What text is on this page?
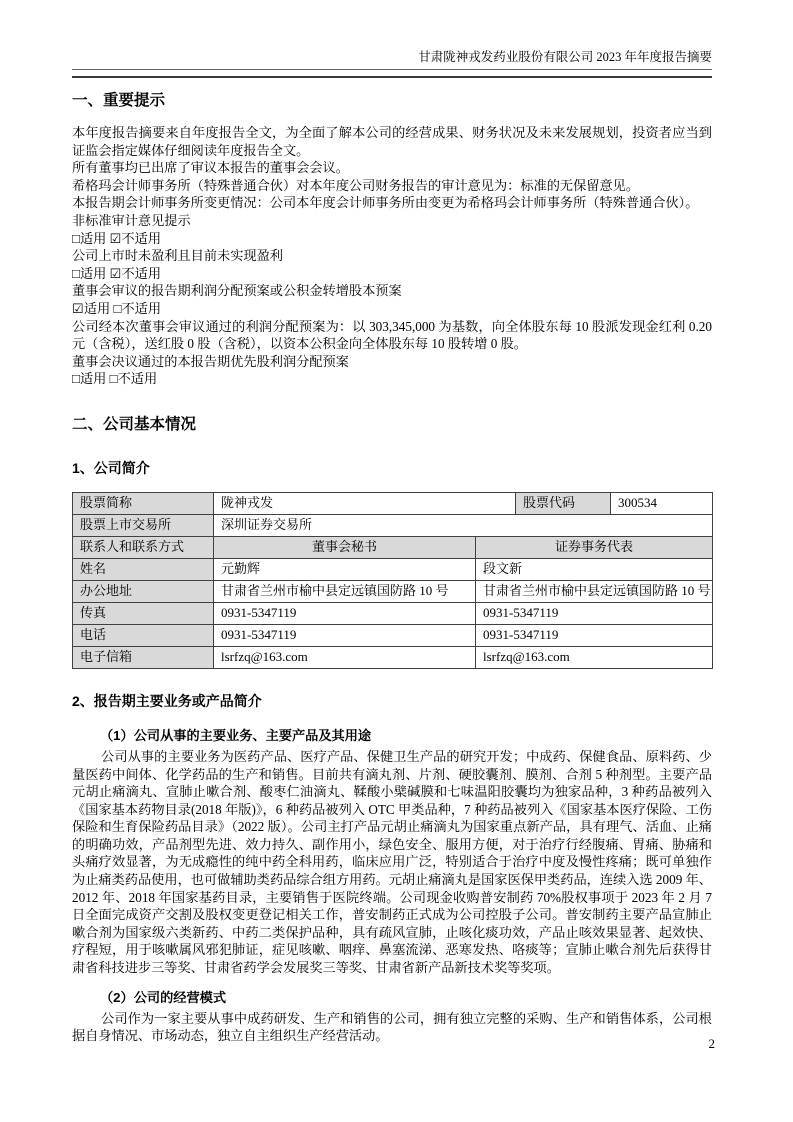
甘肃陇神戎发药业股份有限公司 2023 年年度报告摘要
一、重要提示

本年度报告摘要来自年度报告全文，为全面了解本公司的经营成果、财务状况及未来发展规划，投资者应当到证监会指定媒体仔细阅读年度报告全文。

所有董事均已出席了审议本报告的董事会会议。

希格玛会计师事务所（特殊普通合伙）对本年度公司财务报告的审计意见为：标准的无保留意见。

本报告期会计师事务所变更情况：公司本年度会计师事务所由变更为希格玛会计师事务所（特殊普通合伙）。

非标准审计意见提示

□适用 ☑不适用

公司上市时未盈利且目前未实现盈利

□适用 ☑不适用

董事会审议的报告期利润分配预案或公积金转增股本预案

☑适用 □不适用

公司经本次董事会审议通过的利润分配预案为：以 303,345,000 为基数，向全体股东每 10 股派发现金红利 0.20 元（含税），送红股 0 股（含税），以资本公积金向全体股东每 10 股转增 0 股。

董事会决议通过的本报告期优先股利润分配预案

□适用 □不适用

二、公司基本情况
1、公司简介
股票简称	陇神戎发		股票代码	300534
股票上市交易所	深圳证券交易所			
联系人和联系方式	董事会秘书	证券事务代表		
姓名	元勤辉	段文新		
办公地址	甘肃省兰州市榆中县定远镇国防路 10 号	甘肃省兰州市榆中县定远镇国防路 10 号		
传真	0931-5347119	0931-5347119		
电话	0931-5347119	0931-5347119		
电子信箱	lsrfzq@163.com	lsrfzq@163.com		
2、报告期主要业务或产品简介
（1）公司从事的主要业务、主要产品及其用途

公司从事的主要业务为医药产品、医疗产品、保健卫生产品的研究开发；中成药、保健食品、原料药、少量医药中间体、化学药品的生产和销售。目前共有滴丸剂、片剂、硬胶囊剂、膜剂、合剂 5 种剂型。主要产品元胡止痛滴丸、宣肺止嗽合剂、酸枣仁油滴丸、鞣酸小檗碱膜和七味温阳胶囊均为独家品种，3 种药品被列入《国家基本药物目录(2018 年版)》，6 种药品被列入 OTC 甲类品种，7 种药品被列入《国家基本医疗保险、工伤保险和生育保险药品目录》（2022 版）。公司主打产品元胡止痛滴丸为国家重点新产品，具有理气、活血、止痛的明确功效，产品剂型先进、效力持久、副作用小，绿色安全、服用方便，对于治疗行经腹痛、胃痛、胁痛和头痛疗效显著，为无成瘾性的纯中药全科用药，临床应用广泛，特别适合于治疗中度及慢性疼痛；既可单独作为止痛类药品使用，也可做辅助类药品综合组方用药。元胡止痛滴丸是国家医保甲类药品，连续入选 2009 年、2012 年、2018 年国家基药目录，主要销售于医院终端。公司现金收购普安制药 70%股权事项于 2023 年 2 月 7 日全面完成资产交割及股权变更登记相关工作，普安制药正式成为公司控股子公司。普安制药主要产品宣肺止嗽合剂为国家级六类新药、中药二类保护品种，具有疏风宣肺，止咳化痰功效，产品止咳效果显著、起效快、疗程短，用于咳嗽属风邪犯肺证，症见咳嗽、咽痒、鼻塞流涕、恶寒发热、咯痰等；宣肺止嗽合剂先后获得甘肃省科技进步三等奖、甘肃省药学会发展奖三等奖、甘肃省新产品新技术奖等奖项。

（2）公司的经营模式

公司作为一家主要从事中成药研发、生产和销售的公司，拥有独立完整的采购、生产和销售体系，公司根据自身情况、市场动态，独立自主组织生产经营活动。

2
